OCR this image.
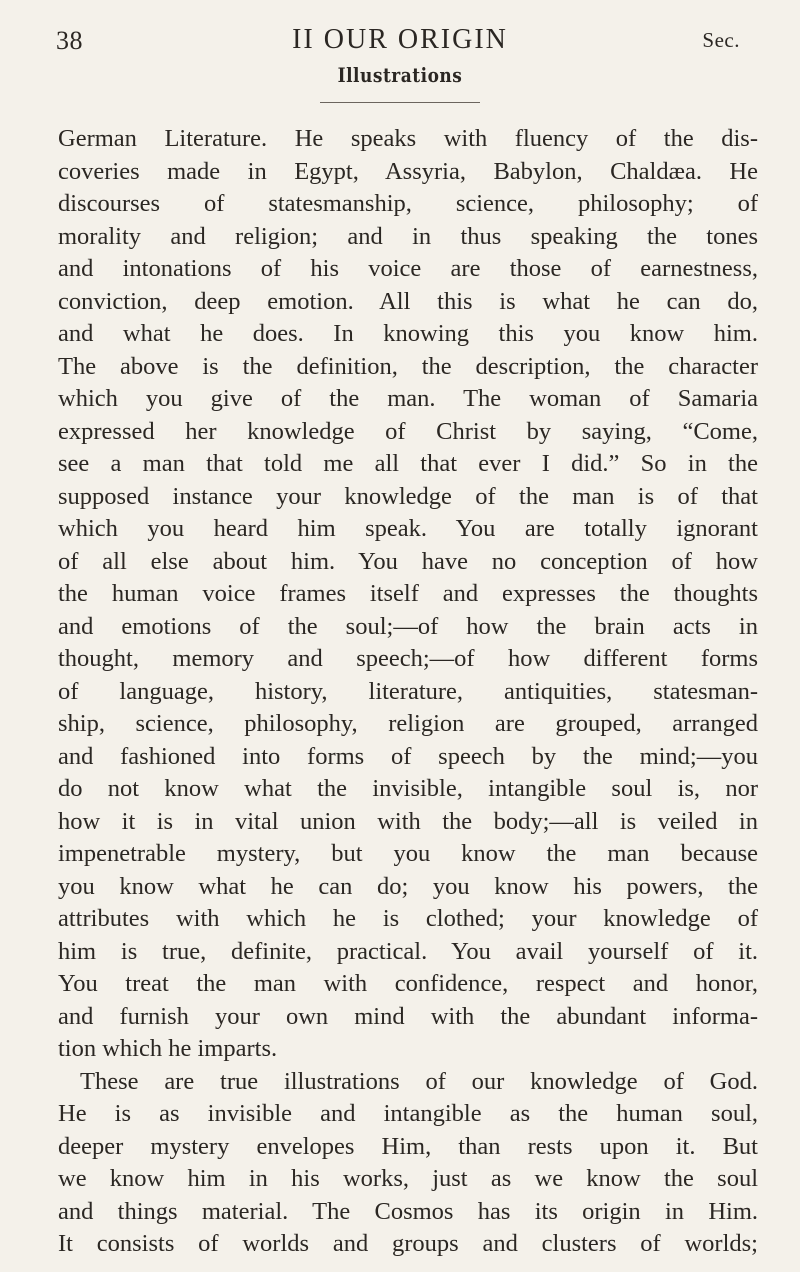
38	II OUR ORIGIN	Sec.
Illustrations
German Literature. He speaks with fluency of the dis-
coveries made in Egypt, Assyria, Babylon, Chaldæa. He
discourses of statesmanship, science, philosophy; of
morality and religion; and in thus speaking the tones
and intonations of his voice are those of earnestness,
conviction, deep emotion. All this is what he can do,
and what he does. In knowing this you know him.
The above is the definition, the description, the character
which you give of the man. The woman of Samaria
expressed her knowledge of Christ by saying, “Come,
see a man that told me all that ever I did.” So in the
supposed instance your knowledge of the man is of that
which you heard him speak. You are totally ignorant
of all else about him. You have no conception of how
the human voice frames itself and expresses the thoughts
and emotions of the soul;—of how the brain acts in
thought, memory and speech;—of how different forms
of language, history, literature, antiquities, statesman-
ship, science, philosophy, religion are grouped, arranged
and fashioned into forms of speech by the mind;—you
do not know what the invisible, intangible soul is, nor
how it is in vital union with the body;—all is veiled in
impenetrable mystery, but you know the man because
you know what he can do; you know his powers, the
attributes with which he is clothed; your knowledge of
him is true, definite, practical. You avail yourself of it.
You treat the man with confidence, respect and honor,
and furnish your own mind with the abundant informa-
tion which he imparts.
These are true illustrations of our knowledge of God.
He is as invisible and intangible as the human soul,
deeper mystery envelopes Him, than rests upon it. But
we know him in his works, just as we know the soul
and things material. The Cosmos has its origin in Him.
It consists of worlds and groups and clusters of worlds;
